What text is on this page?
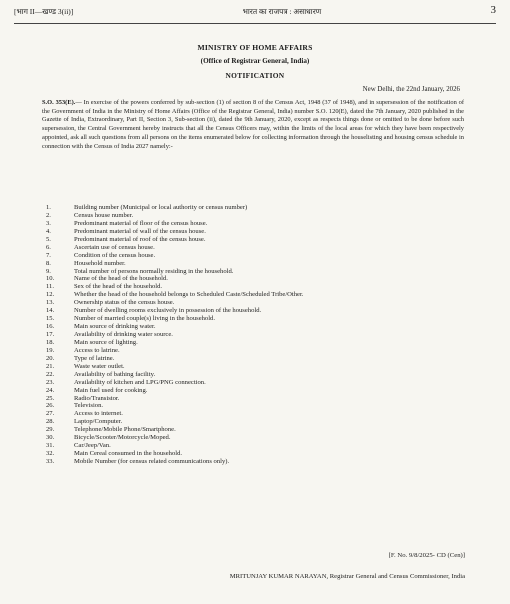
[भाग II—खण्ड 3(ii)]	भारत का राजपत्र : असाधारण	3
MINISTRY OF HOME AFFAIRS
(Office of Registrar General, India)
NOTIFICATION
New Delhi, the 22nd January, 2026
S.O. 353(E).— In exercise of the powers conferred by sub-section (1) of section 8 of the Census Act, 1948 (37 of 1948), and in supersession of the notification of the Government of India in the Ministry of Home Affairs (Office of the Registrar General, India) number S.O. 120(E), dated the 7th January, 2020 published in the Gazette of India, Extraordinary, Part II, Section 3, Sub-section (ii), dated the 9th January, 2020, except as respects things done or omitted to be done before such supersession, the Central Government hereby instructs that all the Census Officers may, within the limits of the local areas for which they have been respectively appointed, ask all such questions from all persons on the items enumerated below for collecting information through the houselisting and housing census schedule in connection with the Census of India 2027 namely:-
1.	Building number (Municipal or local authority or census number)
2.	Census house number.
3.	Predominant material of floor of the census house.
4.	Predominant material of wall of the census house.
5.	Predominant material of roof of the census house.
6.	Ascertain use of census house.
7.	Condition of the census house.
8.	Household number.
9.	Total number of persons normally residing in the household.
10.	Name of the head of the household.
11.	Sex of the head of the household.
12.	Whether the head of the household belongs to Scheduled Caste/Scheduled Tribe/Other.
13.	Ownership status of the census house.
14.	Number of dwelling rooms exclusively in possession of the household.
15.	Number of married couple(s) living in the household.
16.	Main source of drinking water.
17.	Availability of drinking water source.
18.	Main source of lighting.
19.	Access to latrine.
20.	Type of latrine.
21.	Waste water outlet.
22.	Availability of bathing facility.
23.	Availability of kitchen and LPG/PNG connection.
24.	Main fuel used for cooking.
25.	Radio/Transistor.
26.	Television.
27.	Access to internet.
28.	Laptop/Computer.
29.	Telephone/Mobile Phone/Smartphone.
30.	Bicycle/Scooter/Motorcycle/Moped.
31.	Car/Jeep/Van.
32.	Main Cereal consumed in the household.
33.	Mobile Number (for census related communications only).
[F. No. 9/8/2025- CD (Cen)]
MRITUNJAY KUMAR NARAYAN, Registrar General and Census Commissioner, India
